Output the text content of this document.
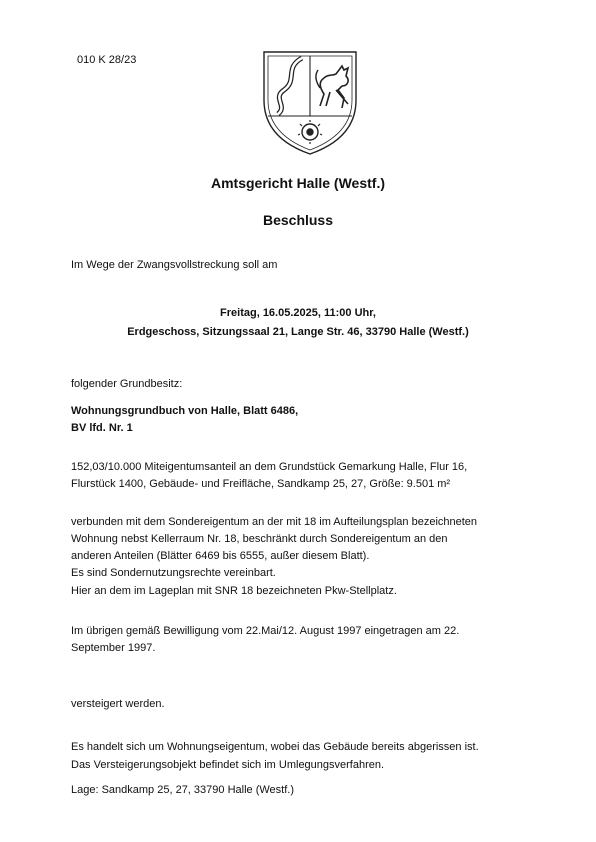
010 K 28/23
Amtsgericht Halle (Westf.)
Beschluss
Im Wege der Zwangsvollstreckung soll am
Freitag, 16.05.2025, 11:00 Uhr,
Erdgeschoss, Sitzungssaal 21, Lange Str. 46, 33790 Halle (Westf.)
folgender Grundbesitz:
Wohnungsgrundbuch von Halle, Blatt 6486,
BV lfd. Nr. 1
152,03/10.000 Miteigentumsanteil an dem Grundstück Gemarkung Halle, Flur 16,
Flurstück 1400, Gebäude- und Freifläche, Sandkamp 25, 27, Größe: 9.501 m²
verbunden mit dem Sondereigentum an der mit 18 im Aufteilungsplan bezeichneten
Wohnung nebst Kellerraum Nr. 18, beschränkt durch Sondereigentum an den
anderen Anteilen (Blätter 6469 bis 6555, außer diesem Blatt).
Es sind Sondernutzungsrechte vereinbart.
Hier an dem im Lageplan mit SNR 18 bezeichneten Pkw-Stellplatz.
Im übrigen gemäß Bewilligung vom 22.Mai/12. August 1997 eingetragen am 22.
September 1997.
versteigert werden.
Es handelt sich um Wohnungseigentum, wobei das Gebäude bereits abgerissen ist.
Das Versteigerungsobjekt befindet sich im Umlegungsverfahren.
Lage: Sandkamp 25, 27, 33790 Halle (Westf.)
